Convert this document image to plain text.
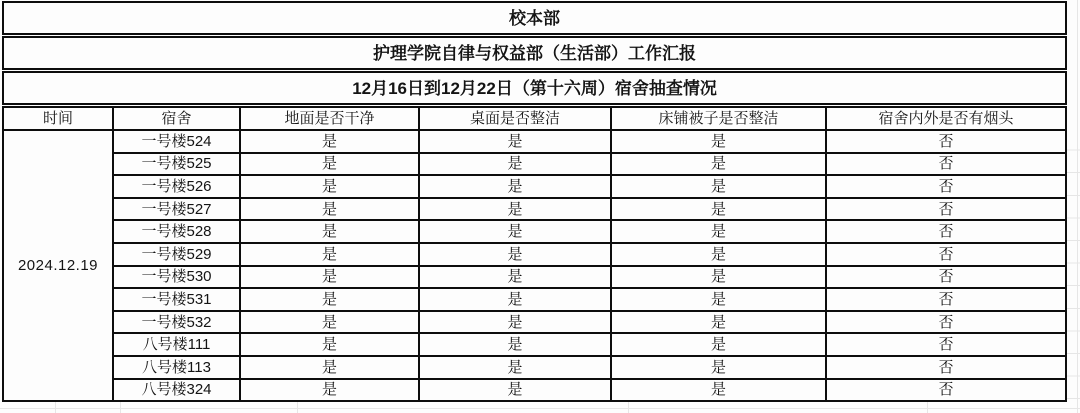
校本部					
护理学院自律与权益部（生活部）工作汇报					
12月16日到12月22日（第十六周）宿舍抽查情况					
时间	宿舍	地面是否干净	桌面是否整洁	床铺被子是否整洁	宿舍内外是否有烟头
2024.12.19	一号楼524	是	是	是	否
	一号楼525	是	是	是	否
	一号楼526	是	是	是	否
	一号楼527	是	是	是	否
	一号楼528	是	是	是	否
	一号楼529	是	是	是	否
	一号楼530	是	是	是	否
	一号楼531	是	是	是	否
	一号楼532	是	是	是	否
	八号楼111	是	是	是	否
	八号楼113	是	是	是	否
	八号楼324	是	是	是	否
